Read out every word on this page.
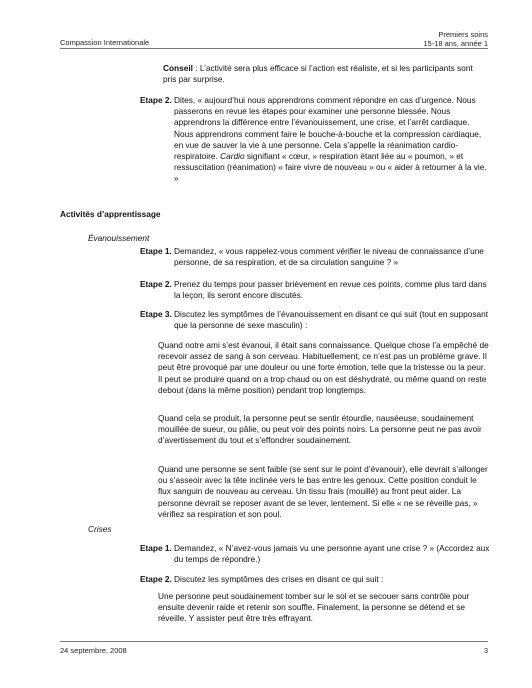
Compassion Internationale
Premiers soins
15-18 ans, année 1
Conseil : L’activité sera plus efficace si l’action est réaliste, et si les participants sont pris par surprise.
Etape 2. Dites, « aujourd’hui nous apprendrons comment répondre en cas d’urgence. Nous passerons en revue les étapes pour examiner une personne blessée. Nous apprendrons la différence entre l’évanouissement, une crise, et l’arrêt cardiaque. Nous apprendrons comment faire le bouche-à-bouche et la compression cardiaque, en vue de sauver la vie à une personne. Cela s’appelle la réanimation cardio-respiratoire. Cardio signifiant « cœur, » respiration étant liée au « poumon, » et ressuscitation (réanimation) « faire vivre de nouveau » ou « aider à retourner à la vie. »
Activités d’apprentissage
Évanouissement
Etape 1. Demandez, « vous rappelez-vous comment vérifier le niveau de connaissance d’une personne, de sa respiration, et de sa circulation sanguine ? »
Etape 2. Prenez du temps pour passer brièvement en revue ces points, comme plus tard dans la leçon, ils seront encore discutés.
Etape 3. Discutez les symptômes de l’évanouissement en disant ce qui suit (tout en supposant que la personne de sexe masculin) :
Quand notre ami s’est évanoui, il était sans connaissance. Quelque chose l’a empêché de recevoir assez de sang à son cerveau. Habituellement, ce n’est pas un problème grave. Il peut être provoqué par une douleur ou une forte émotion, telle que la tristesse ou la peur. Il peut se produire quand on a trop chaud ou on est déshydraté, ou même quand on reste debout (dans la même position) pendant trop longtemps.
Quand cela se produit, la personne peut se sentir étourdie, nauséeuse, soudainement mouillée de sueur, ou pâlie, ou peut voir des points noirs. La personne peut ne pas avoir d’avertissement du tout et s’effondrer soudainement.
Quand une personne se sent faible (se sent sur le point d’évanouir), elle devrait s’allonger ou s’asseoir avec la tête inclinée vers le bas entre les genoux. Cette position conduit le flux sanguin de nouveau au cerveau. Un tissu frais (mouillé) au front peut aider. La personne devrait se reposer avant de se lever, lentement. Si elle « ne se réveille pas, » vérifiez sa respiration et son poul.
Crises
Etape 1. Demandez, « N’avez-vous jamais vu une personne ayant une crise ? » (Accordez aux du temps de répondre.)
Etape 2. Discutez les symptômes des crises en disant ce qui suit :
Une personne peut soudainement tomber sur le sol et se secouer sans contrôle pour ensuite devenir raide et retenir son souffle. Finalement, la personne se détend et se réveille. Y assister peut être très effrayant.
24 septembre, 2008	3
